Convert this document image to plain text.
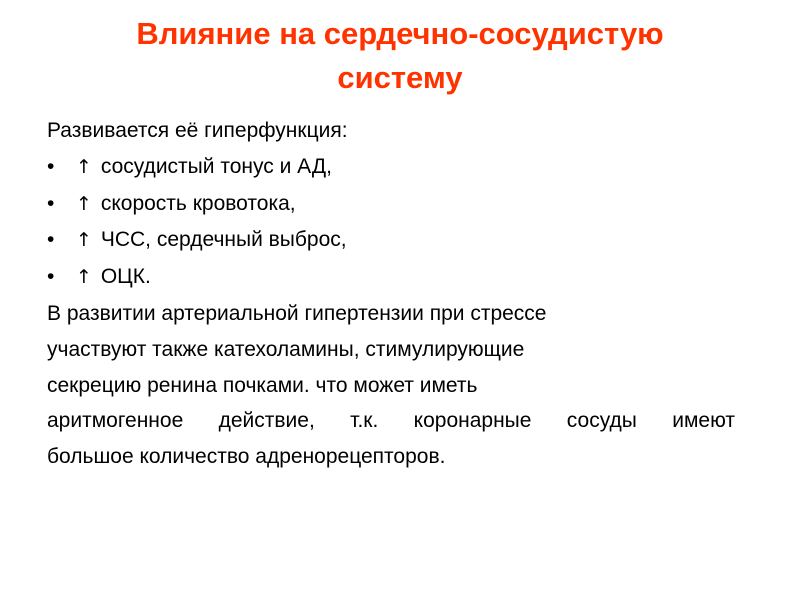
Влияние на сердечно-сосудистую
систему
Развивается её гиперфункция:
• ↑ сосудистый тонус и АД,
• ↑ скорость кровотока,
• ↑ ЧСС, сердечный выброс,
• ↑ ОЦК.
В развитии артериальной гипертензии при стрессе
участвуют также катехоламины, стимулирующие
секрецию ренина почками. что может иметь
аритмогенное действие, т.к. коронарные сосуды имеют
большое количество адренорецепторов.
